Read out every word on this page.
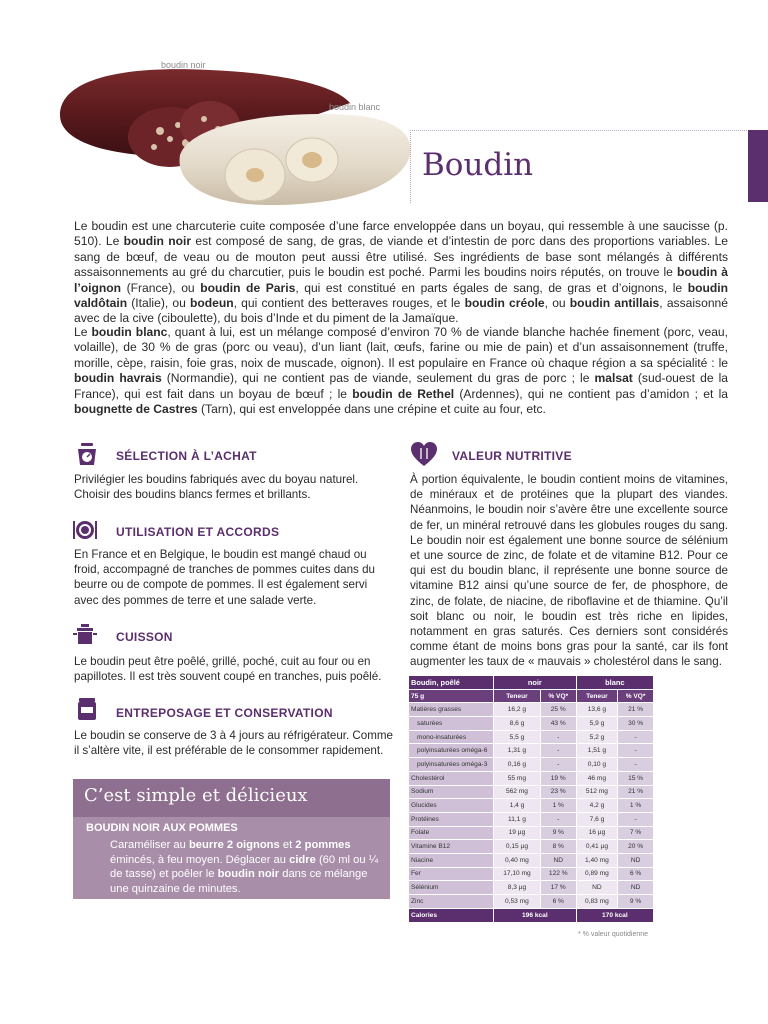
boudin noir
boudin blanc
Boudin

Le boudin est une charcuterie cuite composée d’une farce enveloppée dans un boyau, qui ressemble à une saucisse (p. 510). Le boudin noir est composé de sang, de gras, de viande et d’intestin de porc dans des proportions variables. Le sang de bœuf, de veau ou de mouton peut aussi être utilisé. Ses ingrédients de base sont mélangés à différents assaisonnements au gré du charcutier, puis le boudin est poché. Parmi les boudins noirs réputés, on trouve le boudin à l’oignon (France), ou boudin de Paris, qui est constitué en parts égales de sang, de gras et d’oignons, le boudin valdôtain (Italie), ou bodeun, qui contient des betteraves rouges, et le boudin créole, ou boudin antillais, assaisonné avec de la cive (ciboulette), du bois d’Inde et du piment de la Jamaïque.

Le boudin blanc, quant à lui, est un mélange composé d’environ 70 % de viande blanche hachée finement (porc, veau, volaille), de 30 % de gras (porc ou veau), d’un liant (lait, œufs, farine ou mie de pain) et d’un assaisonnement (truffe, morille, cèpe, raisin, foie gras, noix de muscade, oignon). Il est populaire en France où chaque région a sa spécialité : le boudin havrais (Normandie), qui ne contient pas de viande, seulement du gras de porc ; le malsat (sud-ouest de la France), qui est fait dans un boyau de bœuf ; le boudin de Rethel (Ardennes), qui ne contient pas d’amidon ; et la bougnette de Castres (Tarn), qui est enveloppée dans une crépine et cuite au four, etc.

SÉLECTION À L’ACHAT

Privilégier les boudins fabriqués avec du boyau naturel. Choisir des boudins blancs fermes et brillants.

UTILISATION ET ACCORDS

En France et en Belgique, le boudin est mangé chaud ou froid, accompagné de tranches de pommes cuites dans du beurre ou de compote de pommes. Il est également servi avec des pommes de terre et une salade verte.

CUISSON

Le boudin peut être poêlé, grillé, poché, cuit au four ou en papillotes. Il est très souvent coupé en tranches, puis poêlé.

ENTREPOSAGE ET CONSERVATION

Le boudin se conserve de 3 à 4 jours au réfrigérateur. Comme il s’altère vite, il est préférable de le consommer rapidement.

C’est simple et délicieux
BOUDIN NOIR AUX POMMES

Caraméliser au beurre 2 oignons et 2 pommes émincés, à feu moyen. Déglacer au cidre (60 ml ou ¼ de tasse) et poêler le boudin noir dans ce mélange une quinzaine de minutes.

VALEUR NUTRITIVE

À portion équivalente, le boudin contient moins de vitamines, de minéraux et de protéines que la plupart des viandes. Néanmoins, le boudin noir s’avère être une excellente source de fer, un minéral retrouvé dans les globules rouges du sang. Le boudin noir est également une bonne source de sélénium et une source de zinc, de folate et de vitamine B12. Pour ce qui est du boudin blanc, il représente une bonne source de vitamine B12 ainsi qu’une source de fer, de phosphore, de zinc, de folate, de niacine, de riboflavine et de thiamine. Qu’il soit blanc ou noir, le boudin est très riche en lipides, notamment en gras saturés. Ces derniers sont considérés comme étant de moins bons gras pour la santé, car ils font augmenter les taux de « mauvais » cholestérol dans le sang.

Boudin, poêlé	noir		blanc	
75 g	Teneur	% VQ*	Teneur	% VQ*
Matières grasses	16,2 g	25 %	13,6 g	21 %
saturées	8,6 g	43 %	5,9 g	30 %
mono-insaturées	5,5 g	-	5,2 g	-
polyinsaturées oméga-6	1,31 g	-	1,51 g	-
polyinsaturées oméga-3	0,16 g	-	0,10 g	-
Cholestérol	55 mg	19 %	46 mg	15 %
Sodium	562 mg	23 %	512 mg	21 %
Glucides	1,4 g	1 %	4,2 g	1 %
Protéines	11,1 g	-	7,6 g	-
Folate	19 µg	9 %	16 µg	7 %
Vitamine B12	0,15 µg	8 %	0,41 µg	20 %
Niacine	0,40 mg	ND	1,40 mg	ND
Fer	17,10 mg	122 %	0,89 mg	6 %
Sélénium	8,3 µg	17 %	ND	ND
Zinc	0,53 mg	6 %	0,83 mg	9 %
Calories	196 kcal		170 kcal	
* % valeur quotidienne
